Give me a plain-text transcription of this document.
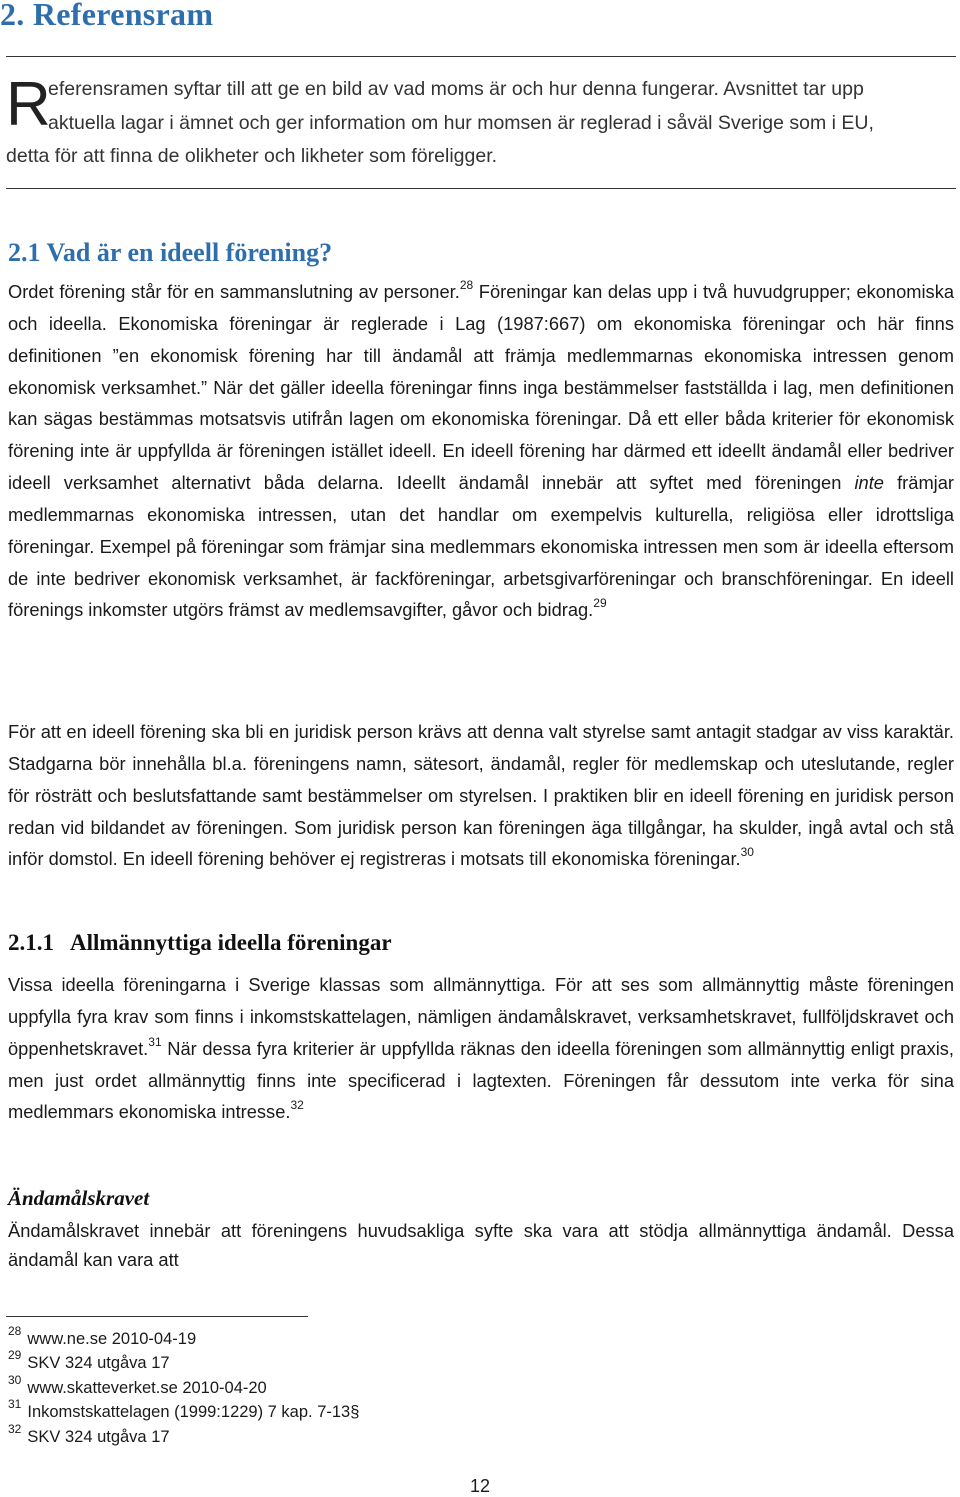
2. Referensram
R
eferensramen syftar till att ge en bild av vad moms är och hur denna fungerar. Avsnittet tar upp
aktuella lagar i ämnet och ger information om hur momsen är reglerad i såväl Sverige som i EU,
detta för att finna de olikheter och likheter som föreligger.
2.1 Vad är en ideell förening?

Ordet förening står för en sammanslutning av personer.$^{28}$ Föreningar kan delas upp i två huvudgrupper; ekonomiska och ideella. Ekonomiska föreningar är reglerade i Lag (1987:667) om ekonomiska föreningar och här finns definitionen ”en ekonomisk förening har till ändamål att främja medlemmarnas ekonomiska intressen genom ekonomisk verksamhet.” När det gäller ideella föreningar finns inga bestämmelser fastställda i lag, men definitionen kan sägas bestämmas motsatsvis utifrån lagen om ekonomiska föreningar. Då ett eller båda kriterier för ekonomisk förening inte är uppfyllda är föreningen istället ideell. En ideell förening har därmed ett ideellt ändamål eller bedriver ideell verksamhet alternativt båda delarna. Ideellt ändamål innebär att syftet med föreningen inte främjar medlemmarnas ekonomiska intressen, utan det handlar om exempelvis kulturella, religiösa eller idrottsliga föreningar. Exempel på föreningar som främjar sina medlemmars ekonomiska intressen men som är ideella eftersom de inte bedriver ekonomisk verksamhet, är fackföreningar, arbetsgivarföreningar och branschföreningar. En ideell förenings inkomster utgörs främst av medlemsavgifter, gåvor och bidrag.$^{29}$

För att en ideell förening ska bli en juridisk person krävs att denna valt styrelse samt antagit stadgar av viss karaktär. Stadgarna bör innehålla bl.a. föreningens namn, sätesort, ändamål, regler för medlemskap och uteslutande, regler för rösträtt och beslutsfattande samt bestämmelser om styrelsen. I praktiken blir en ideell förening en juridisk person redan vid bildandet av föreningen. Som juridisk person kan föreningen äga tillgångar, ha skulder, ingå avtal och stå inför domstol. En ideell förening behöver ej registreras i motsats till ekonomiska föreningar.$^{30}$

2.1.1   Allmännyttiga ideella föreningar

Vissa ideella föreningarna i Sverige klassas som allmännyttiga. För att ses som allmännyttig måste föreningen uppfylla fyra krav som finns i inkomstskattelagen, nämligen ändamålskravet, verksamhetskravet, fullföljdskravet och öppenhetskravet.$^{31}$ När dessa fyra kriterier är uppfyllda räknas den ideella föreningen som allmännyttig enligt praxis, men just ordet allmännyttig finns inte specificerad i lagtexten. Föreningen får dessutom inte verka för sina medlemmars ekonomiska intresse.$^{32}$

Ändamålskravet

Ändamålskravet innebär att föreningens huvudsakliga syfte ska vara att stödja allmännyttiga ändamål. Dessa ändamål kan vara att

$^{28}$ www.ne.se 2010-04-19
$^{29}$ SKV 324 utgåva 17
$^{30}$ www.skatteverket.se 2010-04-20
$^{31}$ Inkomstskattelagen (1999:1229) 7 kap. 7-13§
$^{32}$ SKV 324 utgåva 17
12
